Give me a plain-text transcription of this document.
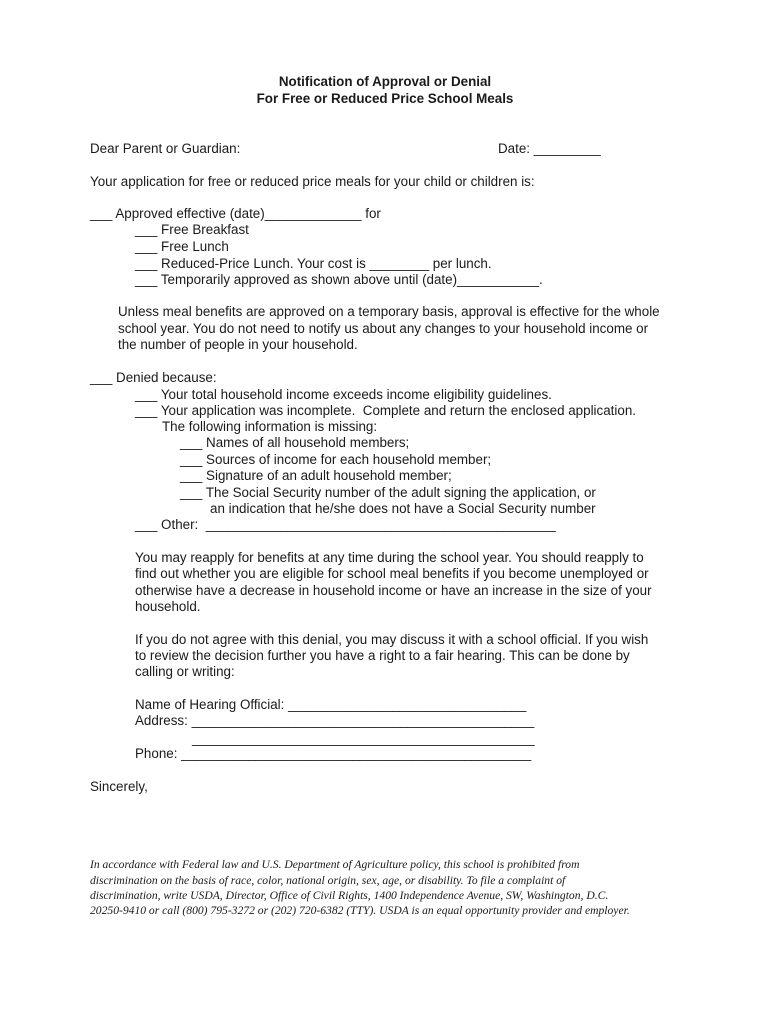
Notification of Approval or Denial
For Free or Reduced Price School Meals
Dear Parent or Guardian:	Date: _________
Your application for free or reduced price meals for your child or children is:
___ Approved effective (date)_____________ for
___ Free Breakfast
___ Free Lunch
___ Reduced-Price Lunch. Your cost is ________ per lunch.
___ Temporarily approved as shown above until (date)___________.
Unless meal benefits are approved on a temporary basis, approval is effective for the whole
school year. You do not need to notify us about any changes to your household income or
the number of people in your household.
___ Denied because:
___ Your total household income exceeds income eligibility guidelines.
___ Your application was incomplete.  Complete and return the enclosed application.
The following information is missing:
___ Names of all household members;
___ Sources of income for each household member;
___ Signature of an adult household member;
___ The Social Security number of the adult signing the application, or
an indication that he/she does not have a Social Security number
___ Other:  _______________________________________________
You may reapply for benefits at any time during the school year. You should reapply to
find out whether you are eligible for school meal benefits if you become unemployed or
otherwise have a decrease in household income or have an increase in the size of your
household.
If you do not agree with this denial, you may discuss it with a school official. If you wish
to review the decision further you have a right to a fair hearing. This can be done by
calling or writing:
Name of Hearing Official: ________________________________
Address: ______________________________________________
______________________________________________
Phone: _______________________________________________
Sincerely,
In accordance with Federal law and U.S. Department of Agriculture policy, this school is prohibited from
discrimination on the basis of race, color, national origin, sex, age, or disability. To file a complaint of
discrimination, write USDA, Director, Office of Civil Rights, 1400 Independence Avenue, SW, Washington, D.C.
20250-9410 or call (800) 795-3272 or (202) 720-6382 (TTY). USDA is an equal opportunity provider and employer.
